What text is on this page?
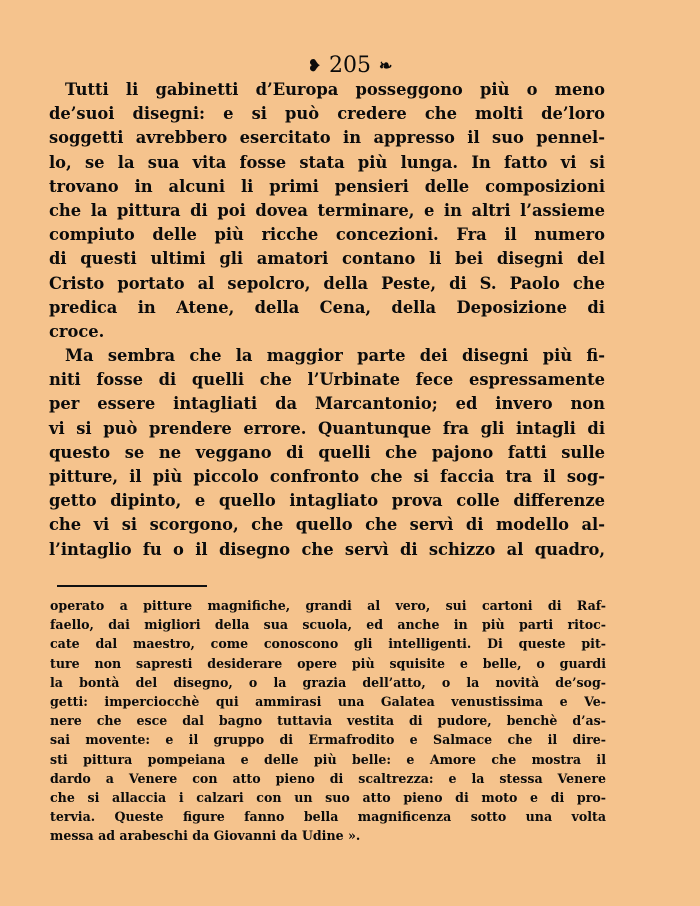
❥ 205 ❧
Tutti li gabinetti d’Europa posseggono più o meno
de’suoi disegni: e si può credere che molti de’loro
soggetti avrebbero esercitato in appresso il suo pennel-
lo, se la sua vita fosse stata più lunga. In fatto vi si
trovano in alcuni li primi pensieri delle composizioni
che la pittura di poi dovea terminare, e in altri l’assieme
compiuto delle più ricche concezioni. Fra il numero
di questi ultimi gli amatori contano li bei disegni del
Cristo portato al sepolcro, della Peste, di S. Paolo che
predica in Atene, della Cena, della Deposizione di
croce.
Ma sembra che la maggior parte dei disegni più fi-
niti fosse di quelli che l’Urbinate fece espressamente
per essere intagliati da Marcantonio; ed invero non
vi si può prendere errore. Quantunque fra gli intagli di
questo se ne veggano di quelli che pajono fatti sulle
pitture, il più piccolo confronto che si faccia tra il sog-
getto dipinto, e quello intagliato prova colle differenze
che vi si scorgono, che quello che servì di modello al-
l’intaglio fu o il disegno che servì di schizzo al quadro,
operato a pitture magnifiche, grandi al vero, sui cartoni di Raf-
faello, dai migliori della sua scuola, ed anche in più parti ritoc-
cate dal maestro, come conoscono gli intelligenti. Di queste pit-
ture non sapresti desiderare opere più squisite e belle, o guardi
la bontà del disegno, o la grazia dell’atto, o la novità de’sog-
getti: imperciocchè qui ammirasi una Galatea venustissima e Ve-
nere che esce dal bagno tuttavia vestita di pudore, benchè d’as-
sai movente: e il gruppo di Ermafrodito e Salmace che il dire-
sti pittura pompeiana e delle più belle: e Amore che mostra il
dardo a Venere con atto pieno di scaltrezza: e la stessa Venere
che si allaccia i calzari con un suo atto pieno di moto e di pro-
tervia. Queste figure fanno bella magnificenza sotto una volta
messa ad arabeschi da Giovanni da Udine ».
